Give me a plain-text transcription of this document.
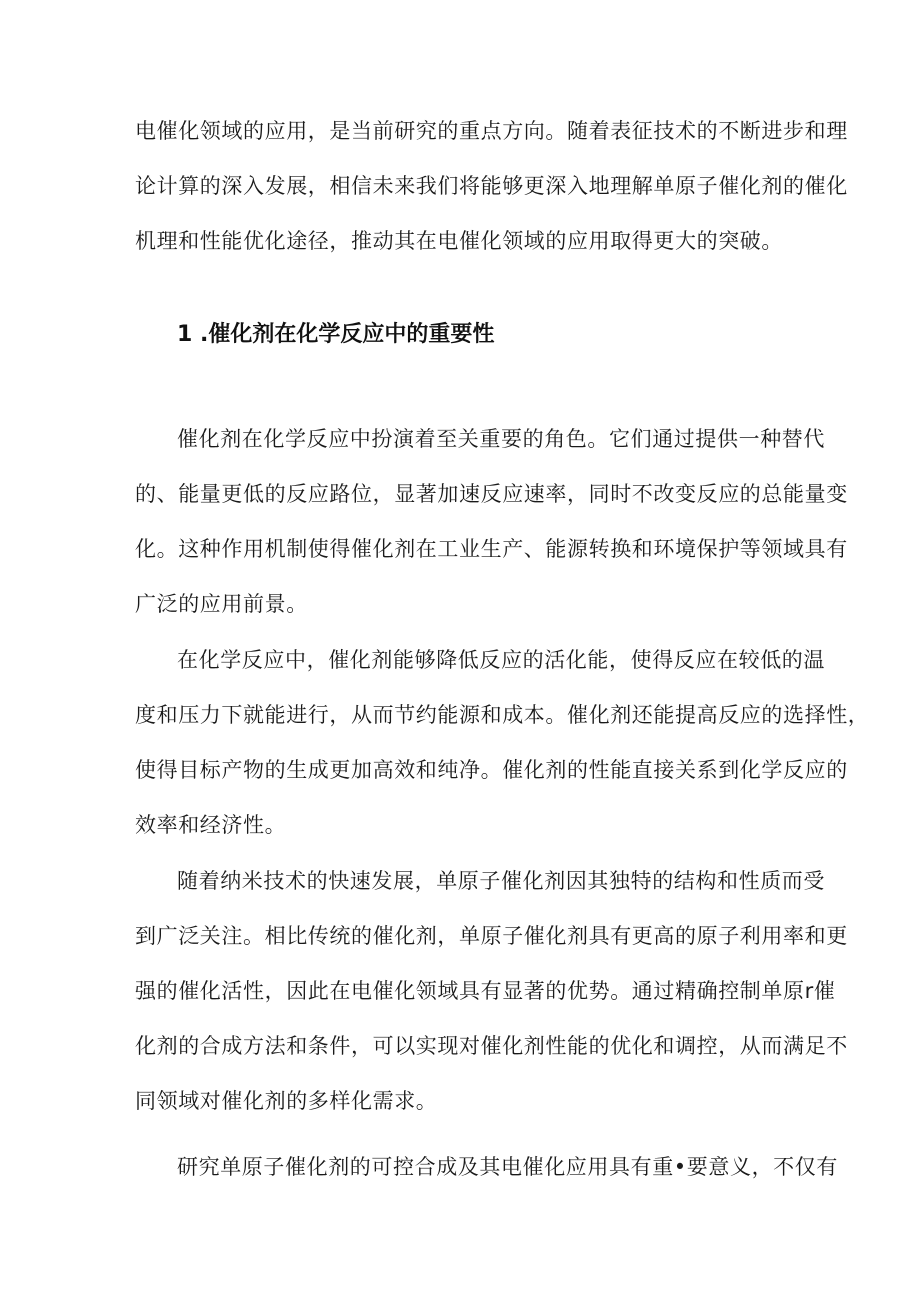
电催化领域的应用，是当前研究的重点方向。随着表征技术的不断进步和理
论计算的深入发展，相信未来我们将能够更深入地理解单原子催化剂的催化
机理和性能优化途径，推动其在电催化领域的应用取得更大的突破。
1 .催化剂在化学反应中的重要性
催化剂在化学反应中扮演着至关重要的角色。它们通过提供一种替代
的、能量更低的反应路位，显著加速反应速率，同时不改变反应的总能量变
化。这种作用机制使得催化剂在工业生产、能源转换和环境保护等领域具有
广泛的应用前景。
在化学反应中，催化剂能够降低反应的活化能，使得反应在较低的温
度和压力下就能进行，从而节约能源和成本。催化剂还能提高反应的选择性，
使得目标产物的生成更加高效和纯净。催化剂的性能直接关系到化学反应的
效率和经济性。
随着纳米技术的快速发展，单原子催化剂因其独特的结构和性质而受
到广泛关注。相比传统的催化剂，单原子催化剂具有更高的原子利用率和更
强的催化活性，因此在电催化领域具有显著的优势。通过精确控制单原r催
化剂的合成方法和条件，可以实现对催化剂性能的优化和调控，从而满足不
同领域对催化剂的多样化需求。
研究单原子催化剂的可控合成及其电催化应用具有重•要意义，不仅有
